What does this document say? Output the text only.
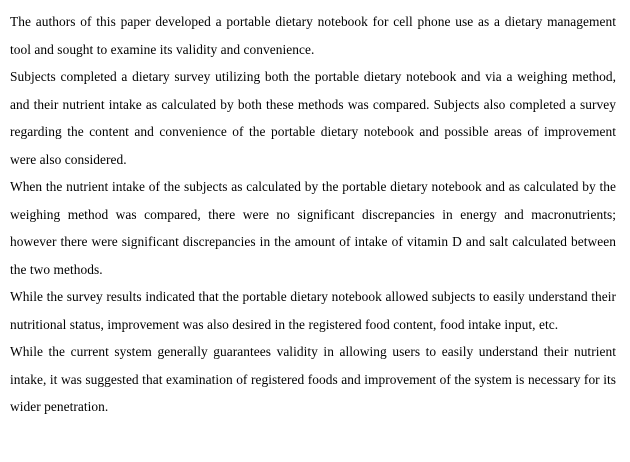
The authors of this paper developed a portable dietary notebook for cell phone use as a dietary management tool and sought to examine its validity and convenience.

Subjects completed a dietary survey utilizing both the portable dietary notebook and via a weighing method, and their nutrient intake as calculated by both these methods was compared. Subjects also completed a survey regarding the content and convenience of the portable dietary notebook and possible areas of improvement were also considered.

When the nutrient intake of the subjects as calculated by the portable dietary notebook and as calculated by the weighing method was compared, there were no significant discrepancies in energy and macronutrients; however there were significant discrepancies in the amount of intake of vitamin D and salt calculated between the two methods.

While the survey results indicated that the portable dietary notebook allowed subjects to easily understand their nutritional status, improvement was also desired in the registered food content, food intake input, etc.

While the current system generally guarantees validity in allowing users to easily understand their nutrient intake, it was suggested that examination of registered foods and improvement of the system is necessary for its wider penetration.
